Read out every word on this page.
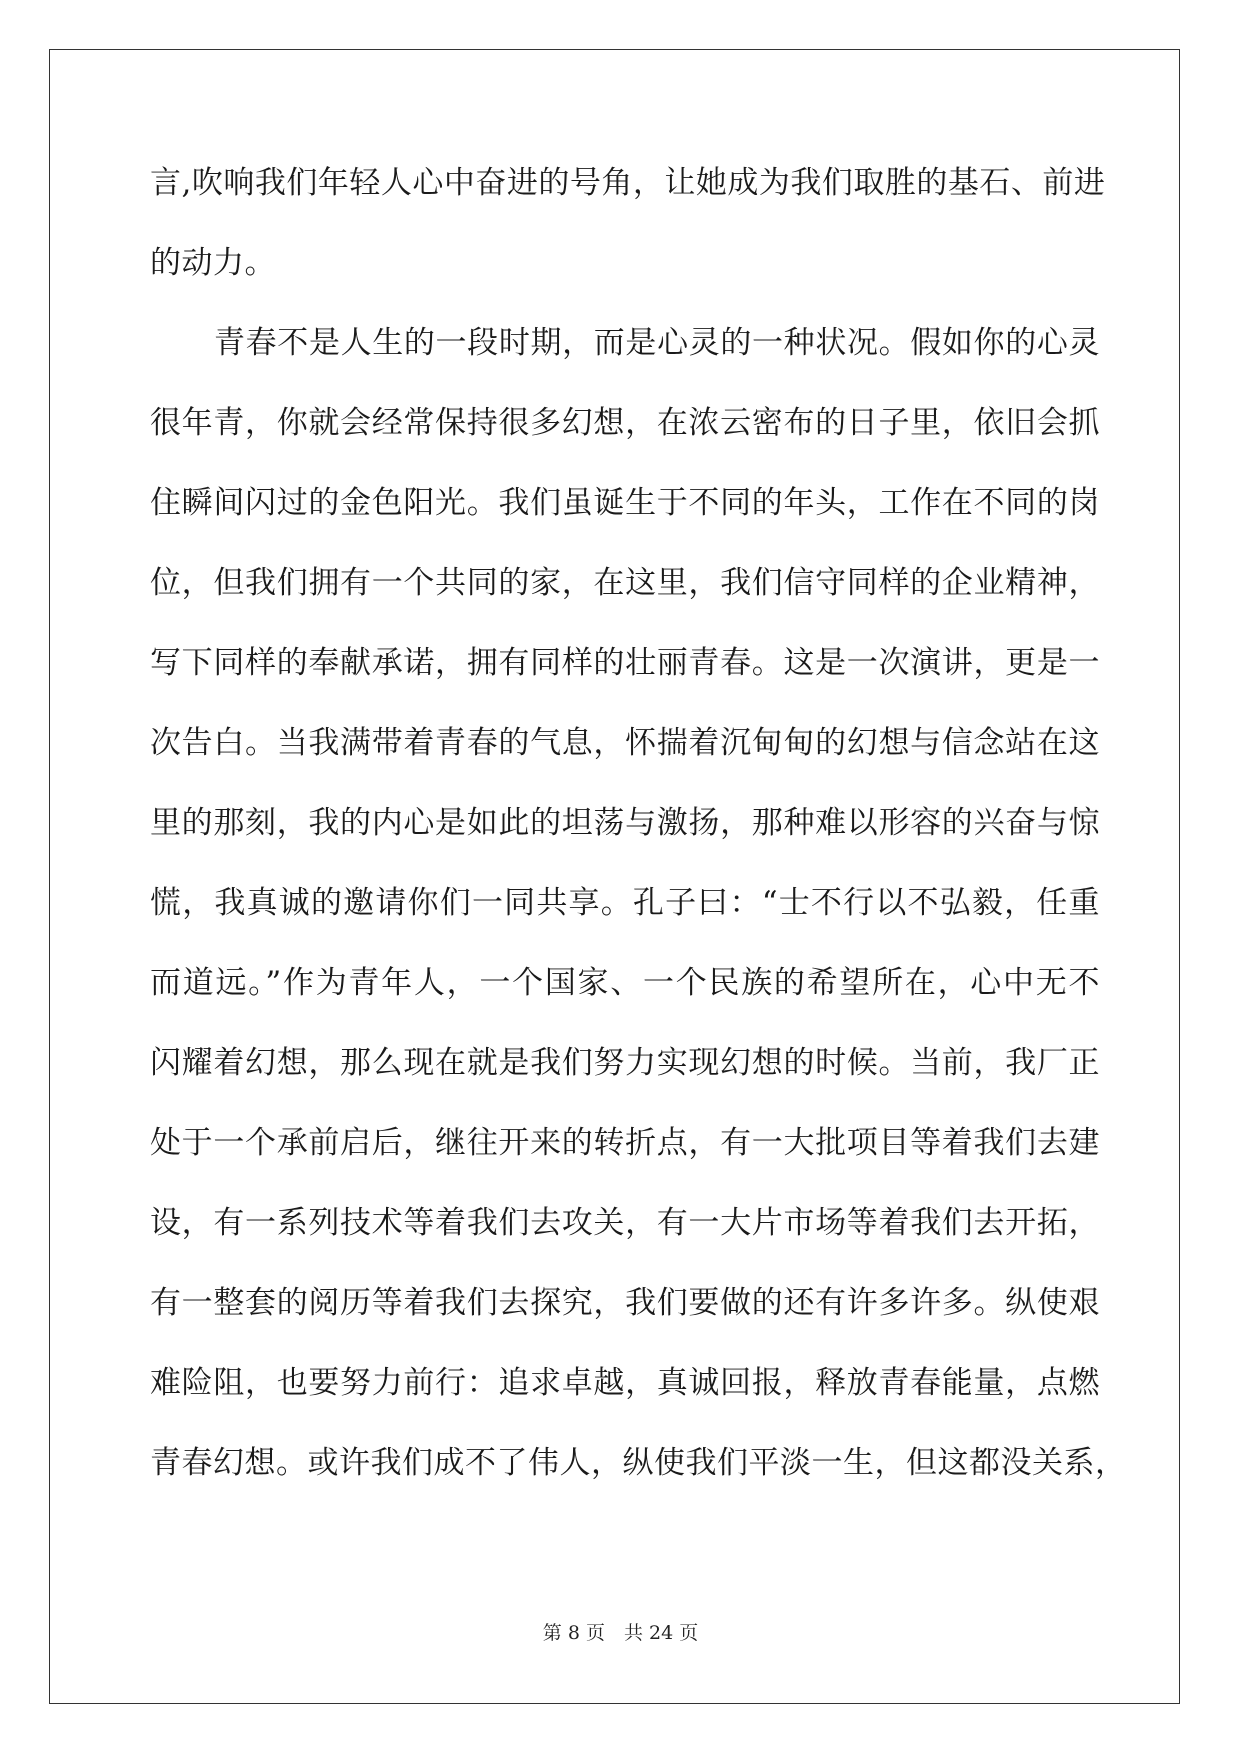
言,吹响我们年轻人心中奋进的号角，让她成为我们取胜的基石、前进
的动力。
青春不是人生的一段时期，而是心灵的一种状况。假如你的心灵
很年青，你就会经常保持很多幻想，在浓云密布的日子里，依旧会抓
住瞬间闪过的金色阳光。我们虽诞生于不同的年头，工作在不同的岗
位，但我们拥有一个共同的家，在这里，我们信守同样的企业精神，
写下同样的奉献承诺，拥有同样的壮丽青春。这是一次演讲，更是一
次告白。当我满带着青春的气息，怀揣着沉甸甸的幻想与信念站在这
里的那刻，我的内心是如此的坦荡与激扬，那种难以形容的兴奋与惊
慌，我真诚的邀请你们一同共享。孔子曰：“士不行以不弘毅，任重
而道远。”作为青年人，一个国家、一个民族的希望所在，心中无不
闪耀着幻想，那么现在就是我们努力实现幻想的时候。当前，我厂正
处于一个承前启后，继往开来的转折点，有一大批项目等着我们去建
设，有一系列技术等着我们去攻关，有一大片市场等着我们去开拓，
有一整套的阅历等着我们去探究，我们要做的还有许多许多。纵使艰
难险阻，也要努力前行：追求卓越，真诚回报，释放青春能量，点燃
青春幻想。或许我们成不了伟人，纵使我们平淡一生，但这都没关系，
第 8 页　共 24 页
